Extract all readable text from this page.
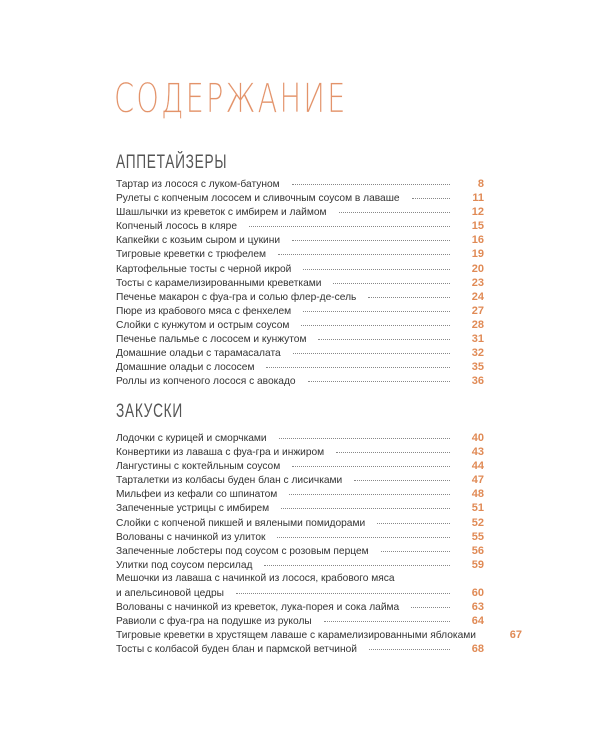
СОДЕРЖАНИЕ
АППЕТАЙЗЕРЫ
Тартар из лосося с луком-батуном	8
Рулеты с копченым лососем и сливочным соусом в лаваше	11
Шашлычки из креветок с имбирем и лаймом	12
Копченый лосось в кляре	15
Капкейки с козьим сыром и цукини	16
Тигровые креветки с трюфелем	19
Картофельные тосты с черной икрой	20
Тосты с карамелизированными креветками	23
Печенье макарон с фуа-гра и солью флер-де-сель	24
Пюре из крабового мяса с фенхелем	27
Слойки с кунжутом и острым соусом	28
Печенье пальмье с лососем и кунжутом	31
Домашние оладьи с тарамасалата	32
Домашние оладьи с лососем	35
Роллы из копченого лосося с авокадо	36
ЗАКУСКИ
Лодочки с курицей и сморчками	40
Конвертики из лаваша с фуа-гра и инжиром	43
Лангустины с коктейльным соусом	44
Тарталетки из колбасы буден блан с лисичками	47
Мильфеи из кефали со шпинатом	48
Запеченные устрицы с имбирем	51
Слойки с копченой пикшей и вялеными помидорами	52
Волованы с начинкой из улиток	55
Запеченные лобстеры под соусом с розовым перцем	56
Улитки под соусом персилад	59
Мешочки из лаваша с начинкой из лосося, крабового мяса
и апельсиновой цедры	60
Волованы с начинкой из креветок, лука-порея и сока лайма	63
Равиоли с фуа-гра на подушке из руколы	64
Тигровые креветки в хрустящем лаваше с карамелизированными яблоками	67
Тосты с колбасой буден блан и пармской ветчиной	68
